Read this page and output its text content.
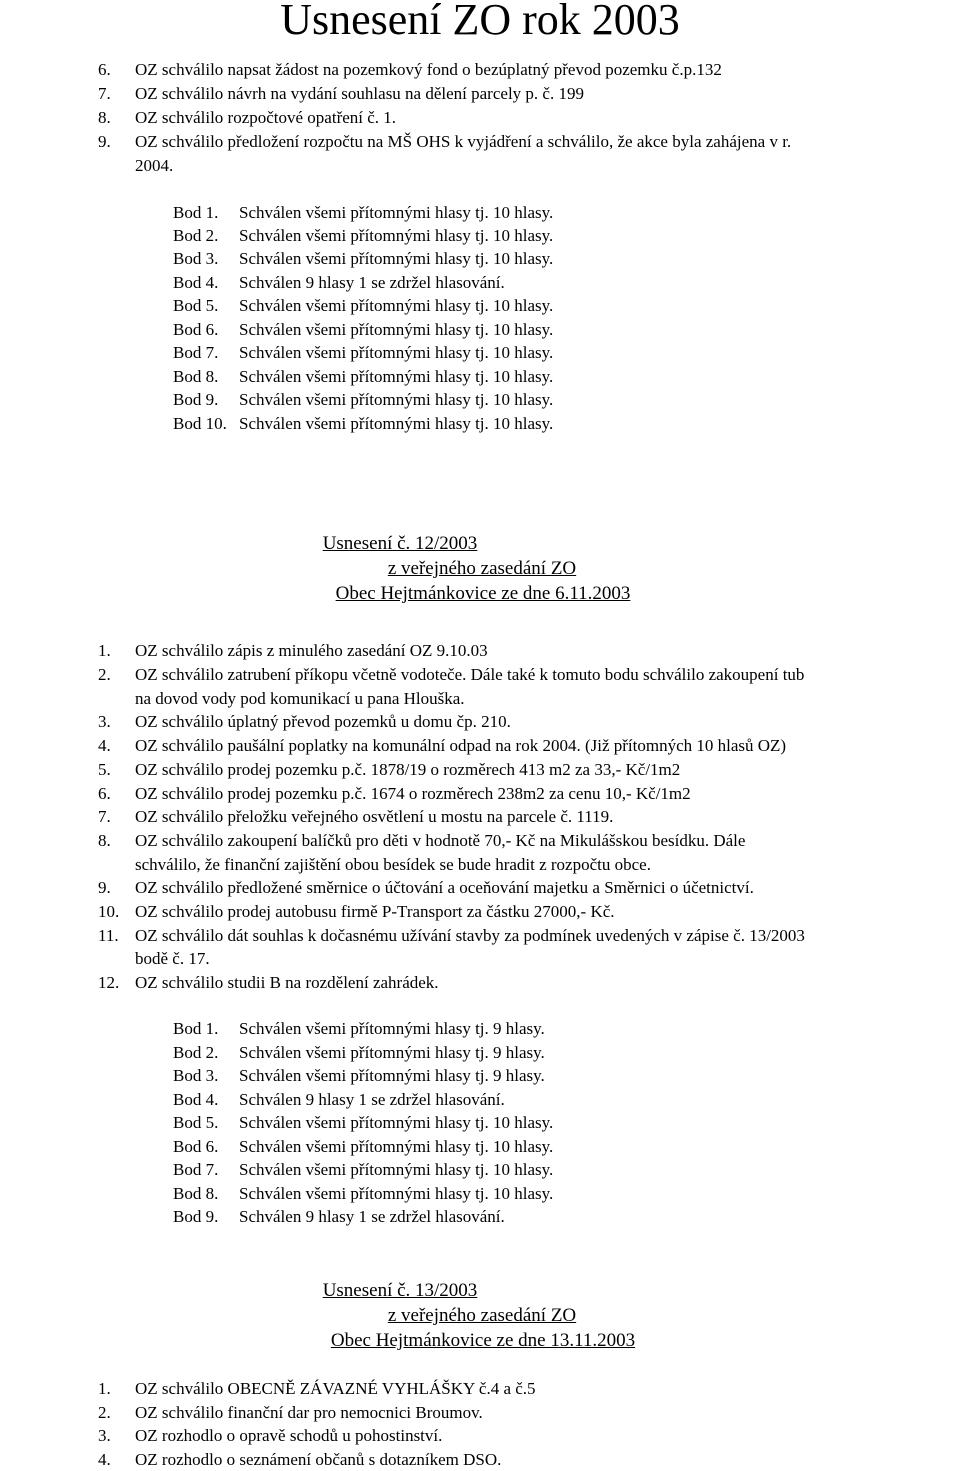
Usnesení ZO rok 2003
6. OZ schválilo napsat žádost na pozemkový fond o bezúplatný převod pozemku č.p.132
7. OZ schválilo návrh na vydání souhlasu na dělení parcely p. č. 199
8. OZ schválilo rozpočtové opatření č. 1.
9. OZ schválilo předložení rozpočtu na MŠ OHS k vyjádření a schválilo, že akce byla zahájena v r.
2004.
Bod 1. Schválen všemi přítomnými hlasy tj. 10 hlasy.
Bod 2. Schválen všemi přítomnými hlasy tj. 10 hlasy.
Bod 3. Schválen všemi přítomnými hlasy tj. 10 hlasy.
Bod 4. Schválen 9 hlasy 1 se zdržel hlasování.
Bod 5. Schválen všemi přítomnými hlasy tj. 10 hlasy.
Bod 6. Schválen všemi přítomnými hlasy tj. 10 hlasy.
Bod 7. Schválen všemi přítomnými hlasy tj. 10 hlasy.
Bod 8. Schválen všemi přítomnými hlasy tj. 10 hlasy.
Bod 9. Schválen všemi přítomnými hlasy tj. 10 hlasy.
Bod 10. Schválen všemi přítomnými hlasy tj. 10 hlasy.
Usnesení č. 12/2003
z veřejného zasedání ZO
Obec Hejtmánkovice ze dne 6.11.2003
1. OZ schválilo zápis z minulého zasedání OZ 9.10.03
2. OZ schválilo zatrubení příkopu včetně vodoteče. Dále také k tomuto bodu schválilo zakoupení tub
na dovod vody pod komunikací u pana Hlouška.
3. OZ schválilo úplatný převod pozemků u domu čp. 210.
4. OZ schválilo paušální poplatky na komunální odpad na rok 2004. (Již přítomných 10 hlasů OZ)
5. OZ schválilo prodej pozemku p.č. 1878/19 o rozměrech 413 m2 za 33,- Kč/1m2
6. OZ schválilo prodej pozemku p.č. 1674 o rozměrech 238m2 za cenu 10,- Kč/1m2
7. OZ schválilo přeložku veřejného osvětlení u mostu na parcele č. 1119.
8. OZ schválilo zakoupení balíčků pro děti v hodnotě 70,- Kč na Mikulášskou besídku. Dále
schválilo, že finanční zajištění obou besídek se bude hradit z rozpočtu obce.
9. OZ schválilo předložené směrnice o účtování a oceňování majetku a Směrnici o účetnictví.
10. OZ schválilo prodej autobusu firmě P-Transport za částku 27000,- Kč.
11. OZ schválilo dát souhlas k dočasnému užívání stavby za podmínek uvedených v zápise č. 13/2003
bodě č. 17.
12. OZ schválilo studii B na rozdělení zahrádek.
Bod 1. Schválen všemi přítomnými hlasy tj. 9 hlasy.
Bod 2. Schválen všemi přítomnými hlasy tj. 9 hlasy.
Bod 3. Schválen všemi přítomnými hlasy tj. 9 hlasy.
Bod 4. Schválen 9 hlasy 1 se zdržel hlasování.
Bod 5. Schválen všemi přítomnými hlasy tj. 10 hlasy.
Bod 6. Schválen všemi přítomnými hlasy tj. 10 hlasy.
Bod 7. Schválen všemi přítomnými hlasy tj. 10 hlasy.
Bod 8. Schválen všemi přítomnými hlasy tj. 10 hlasy.
Bod 9. Schválen 9 hlasy 1 se zdržel hlasování.
Usnesení č. 13/2003
z veřejného zasedání ZO
Obec Hejtmánkovice ze dne 13.11.2003
1. OZ schválilo OBECNĚ ZÁVAZNÉ VYHLÁŠKY č.4 a č.5
2. OZ schválilo finanční dar pro nemocnici Broumov.
3. OZ rozhodlo o opravě schodů u pohostinství.
4. OZ rozhodlo o seznámení občanů s dotazníkem DSO.
